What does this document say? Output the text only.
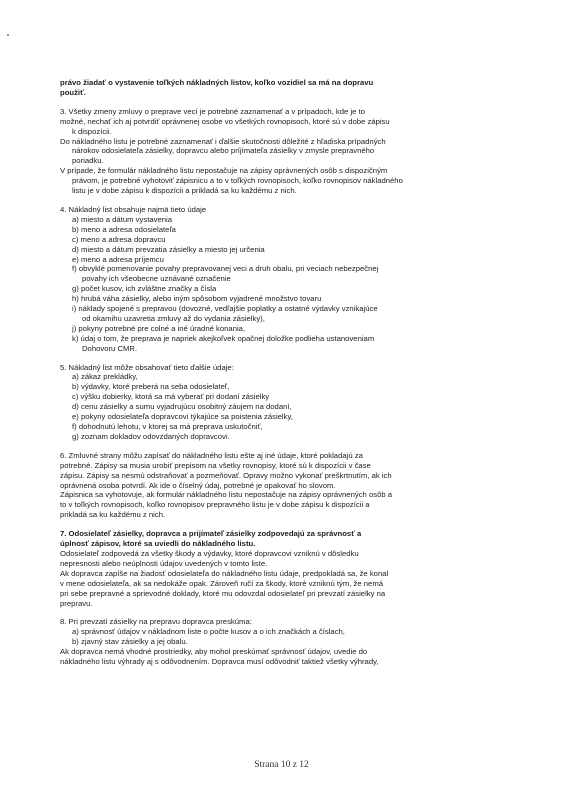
právo žiadať o vystavenie toľkých nákladných listov, koľko vozidiel sa má na dopravu

použiť.

3. Všetky zmeny zmluvy o preprave vecí je potrebné zaznamenať a v prípadoch, kde je to

možné, nechať ich aj potvrdiť oprávnenej osobe vo všetkých rovnopisoch, ktoré sú v dobe zápisu

k dispozícii.

Do nákladného listu je potrebné zaznamenať i ďalšie skutočnosti dôležité z hľadiska prípadných

nárokov odosielateľa zásielky, dopravcu alebo príjímateľa zásielky v zmysle prepravného

poriadku.

V prípade, že formulár nákladného listu nepostačuje na zápisy oprávnených osôb s dispozičným

právom, je potrebné vyhotoviť zápisnicu a to v toľkých rovnopisoch, koľko rovnopisov nákladného

listu je v dobe zápisu k dispozícii a prikladá sa ku každému z nich.

4. Nákladný list obsahuje najmä tieto údaje

a) miesto a dátum vystavenia

b) meno a adresa odosielateľa

c) meno a adresa dopravcu

d) miesto a dátum prevzatia zásielky a miesto jej určenia

e) meno a adresa príjemcu

f) obvyklé pomenovanie povahy prepravovanej veci a druh obalu, pri veciach nebezpečnej

povahy ich všeobecne uznávané označenie

g) počet kusov, ich zvláštne značky a čísla

h) hrubá váha zásielky, alebo iným spôsobom vyjadrené množstvo tovaru

i) náklady spojené s prepravou (dovozné, vedľajšie poplatky a ostatné výdavky vznikajúce

od okamihu uzavretia zmluvy až do vydania zásielky),

j) pokyny potrebné pre colné a iné úradné konania,

k) údaj o tom, že preprava je napriek akejkoľvek opačnej doložke podlieha ustanoveniam

Dohovoru CMR.

5. Nákladný list môže obsahovať tieto ďalšie údaje:

a) zákaz prekládky,

b) výdavky, ktoré preberá na seba odosielateľ,

c) výšku dobierky, ktorá sa má vyberať pri dodaní zásielky

d) cenu zásielky a sumu vyjadrujúcu osobitný záujem na dodaní,

e) pokyny odosielateľa dopravcovi týkajúce sa poistenia zásielky,

f) dohodnutú lehotu, v ktorej sa má preprava uskutočniť,

g) zoznam dokladov odovzdaných dopravcovi.

6. Zmluvné strany môžu zapísať do nákladného listu ešte aj iné údaje, ktoré pokladajú za

potrebné. Zápisy sa musia urobiť prepisom na všetky rovnopisy, ktoré sú k dispozícii v čase

zápisu. Zápisy sa nesmú odstraňovať a pozmeňovať. Opravy možno vykonať preškrtnutím, ak ich

oprávnená osoba potvrdí. Ak ide o číselný údaj, potrebné je opakovať ho slovom.

Zápisnica sa vyhotovuje, ak formulár nákladného listu nepostačuje na zápisy oprávnených osôb a

to v toľkých rovnopisoch, koľko rovnopisov prepravného listu je v dobe zápisu k dispozícii a

prikladá sa ku každému z nich.

7. Odosielateľ zásielky, dopravca a prijímateľ zásielky zodpovedajú za správnosť a

úplnosť zápisov, ktoré sa uviedli do nákladného listu.

Odosielateľ zodpovedá za všetky škody a výdavky, ktoré dopravcovi vzniknú v dôsledku

nepresnosti alebo neúplnosti údajov uvedených v tomto liste.

Ak dopravca zapíše na žiadosť odosielateľa do nákladného listu údaje, predpokladá sa, že konal

v mene odosielateľa, ak sa nedokáže opak. Zároveň ručí za škody, ktoré vzniknú tým, že nemá

pri sebe prepravné a sprievodné doklady, ktoré mu odovzdal odosielateľ pri prevzatí zásielky na

prepravu.

8. Pri prevzatí zásielky na prepravu dopravca preskúma:

a) správnosť údajov v nákladnom liste o počte kusov a o ich značkách a číslach,

b) zjavný stav zásielky a jej obalu.

Ak dopravca nemá vhodné prostriedky, aby mohol preskúmať správnosť údajov, uvedie do

nákladného listu výhrady aj s odôvodnením. Dopravca musí odôvodniť taktiež všetky výhrady,

Strana 10 z 12
